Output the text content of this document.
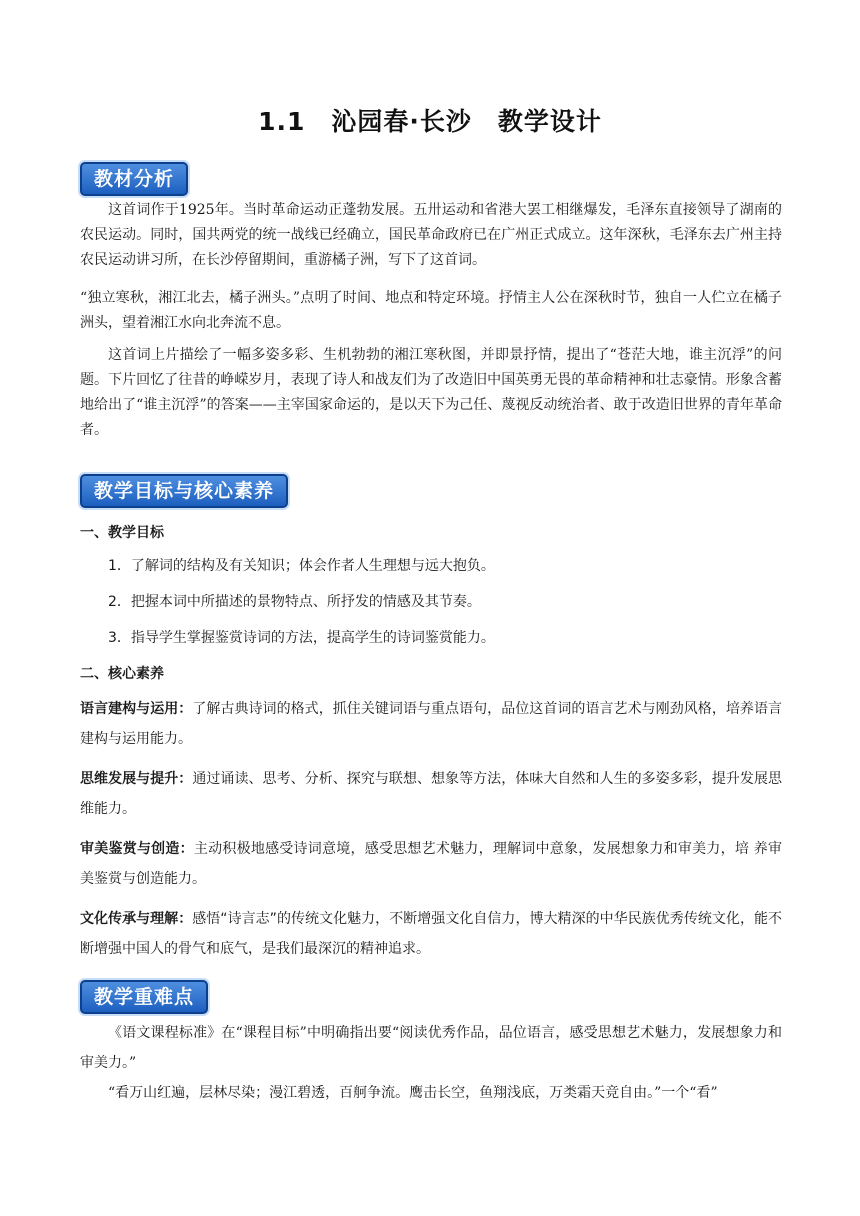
1.1　沁园春·长沙　教学设计
教材分析

这首词作于1925年。当时革命运动正蓬勃发展。五卅运动和省港大罢工相继爆发，毛泽东直接领导了湖南的农民运动。同时，国共两党的统一战线已经确立，国民革命政府已在广州正式成立。这年深秋，毛泽东去广州主持农民运动讲习所，在长沙停留期间，重游橘子洲，写下了这首词。

“独立寒秋，湘江北去，橘子洲头。”点明了时间、地点和特定环境。抒情主人公在深秋时节，独自一人伫立在橘子洲头，望着湘江水向北奔流不息。

这首词上片描绘了一幅多姿多彩、生机勃勃的湘江寒秋图，并即景抒情，提出了“苍茫大地，谁主沉浮”的问题。下片回忆了往昔的峥嵘岁月，表现了诗人和战友们为了改造旧中国英勇无畏的革命精神和壮志豪情。形象含蓄地给出了“谁主沉浮”的答案——主宰国家命运的，是以天下为己任、蔑视反动统治者、敢于改造旧世界的青年革命者。

教学目标与核心素养
一、教学目标
1．了解词的结构及有关知识；体会作者人生理想与远大抱负。
2．把握本词中所描述的景物特点、所抒发的情感及其节奏。
3．指导学生掌握鉴赏诗词的方法，提高学生的诗词鉴赏能力。
二、核心素养

语言建构与运用：了解古典诗词的格式，抓住关键词语与重点语句，品位这首词的语言艺术与刚劲风格，培养语言建构与运用能力。

思维发展与提升：通过诵读、思考、分析、探究与联想、想象等方法，体味大自然和人生的多姿多彩，提升发展思维能力。

审美鉴赏与创造：主动积极地感受诗词意境，感受思想艺术魅力，理解词中意象，发展想象力和审美力，培 养审美鉴赏与创造能力。

文化传承与理解：感悟“诗言志”的传统文化魅力，不断增强文化自信力，博大精深的中华民族优秀传统文化，能不断增强中国人的骨气和底气，是我们最深沉的精神追求。

教学重难点

《语文课程标准》在“课程目标”中明确指出要“阅读优秀作品，品位语言，感受思想艺术魅力，发展想象力和审美力。”

“看万山红遍，层林尽染；漫江碧透，百舸争流。鹰击长空，鱼翔浅底，万类霜天竞自由。”一个“看”
